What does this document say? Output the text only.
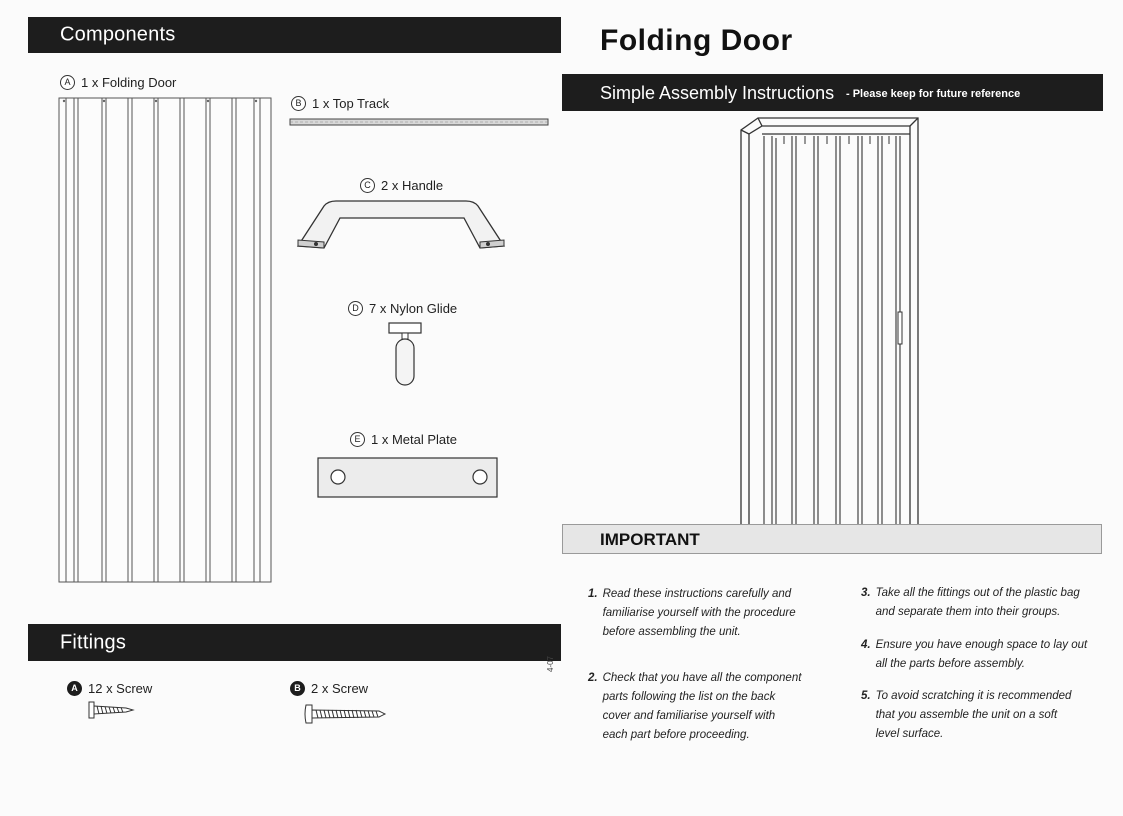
Components
A 1 x Folding Door
B 1 x Top Track
C 2 x Handle
D 7 x Nylon Glide
E 1 x Metal Plate
Fittings
A 12 x Screw	B 2 x Screw
4-07
Folding Door
Simple Assembly Instructions - Please keep for future reference
IMPORTANT
1. Read these instructions carefully and
familiarise yourself with the procedure
before assembling the unit.
2. Check that you have all the component
parts following the list on the back
cover and familiarise yourself with
each part before proceeding.
3. Take all the fittings out of the plastic bag
and separate them into their groups.
4. Ensure you have enough space to lay out
all the parts before assembly.
5. To avoid scratching it is recommended
that you assemble the unit on a soft
level surface.
